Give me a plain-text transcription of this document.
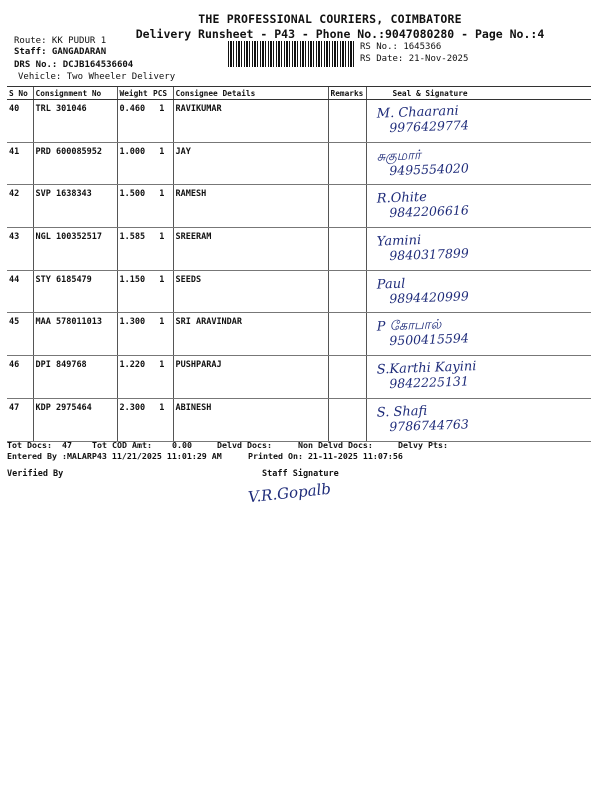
THE PROFESSIONAL COURIERS, COIMBATORE
Delivery Runsheet - P43 - Phone No.:9047080280 - Page No.:4
Route: KK PUDUR 1
Staff: GANGADARAN
DRS No.: DCJB164536604
Vehicle: Two Wheeler Delivery
RS No.: 1645366
RS Date: 21-Nov-2025
S No	Consignment No	Weight	PCS	Consignee Details	Remarks	Seal & Signature
40	TRL 301046	0.460	1	RAVIKUMAR		M. Chaarani
9976429774

41	PRD 600085952	1.000	1	JAY		சுகுமார்
9495554020

42	SVP 1638343	1.500	1	RAMESH		R.Ohite
9842206616

43	NGL 100352517	1.585	1	SREERAM		Yamini
9840317899

44	STY 6185479	1.150	1	SEEDS		Paul
9894420999

45	MAA 578011013	1.300	1	SRI ARAVINDAR		P கோபால்
9500415594

46	DPI 849768	1.220	1	PUSHPARAJ		S.Karthi Kayini
9842225131

47	KDP 2975464	2.300	1	ABINESH		S. Shafi
9786744763
Tot Docs: 47 Tot COD Amt: 0.00	Delvd Docs:	Non Delvd Docs:	Delvy Pts:
Entered By :MALARP43 11/21/2025 11:01:29 AM	Printed On: 21-11-2025 11:07:56
Verified By	Staff Signature
V.R.Gopalb
